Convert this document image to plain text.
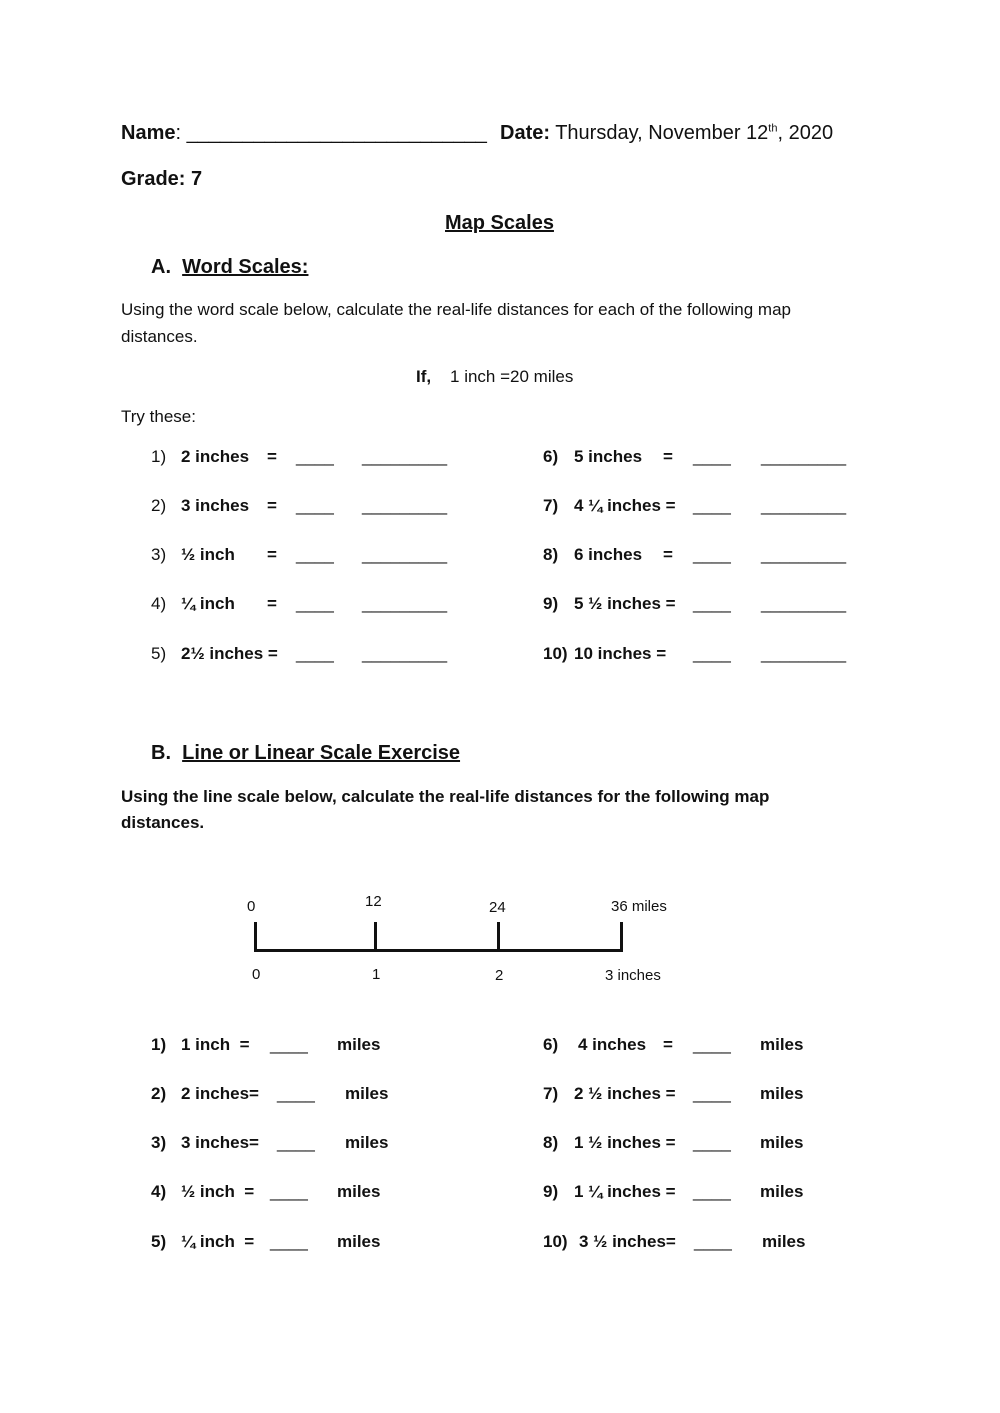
Name: ___________________________ Date: Thursday, November 12th, 2020
Grade: 7
Map Scales
A. Word Scales:
Using the word scale below, calculate the real-life distances for each of the following map
distances.
If, 1 inch =20 miles
Try these:
1) 2 inches = ____ _________
2) 3 inches = ____ _________
3) ½ inch = ____ _________
4) ¼ inch = ____ _________
5) 2½ inches = ____ _________
6) 5 inches = ____ _________
7) 4 ¼ inches = ____ _________
8) 6 inches = ____ _________
9) 5 ½ inches = ____ _________
10) 10 inches = ____ _________
B. Line or Linear Scale Exercise
Using the line scale below, calculate the real-life distances for the following map
distances.
0	12	24	36 miles
0	1	2	3 inches
1) 1 inch  = ____ miles
2) 2 inches= ____ miles
3) 3 inches= ____ miles
4) ½ inch  = ____ miles
5) ¼ inch  = ____ miles
6) 4 inches = ____ miles
7) 2 ½ inches = ____ miles
8) 1 ½ inches = ____ miles
9) 1 ¼ inches = ____ miles
10) 3 ½ inches= ____ miles
